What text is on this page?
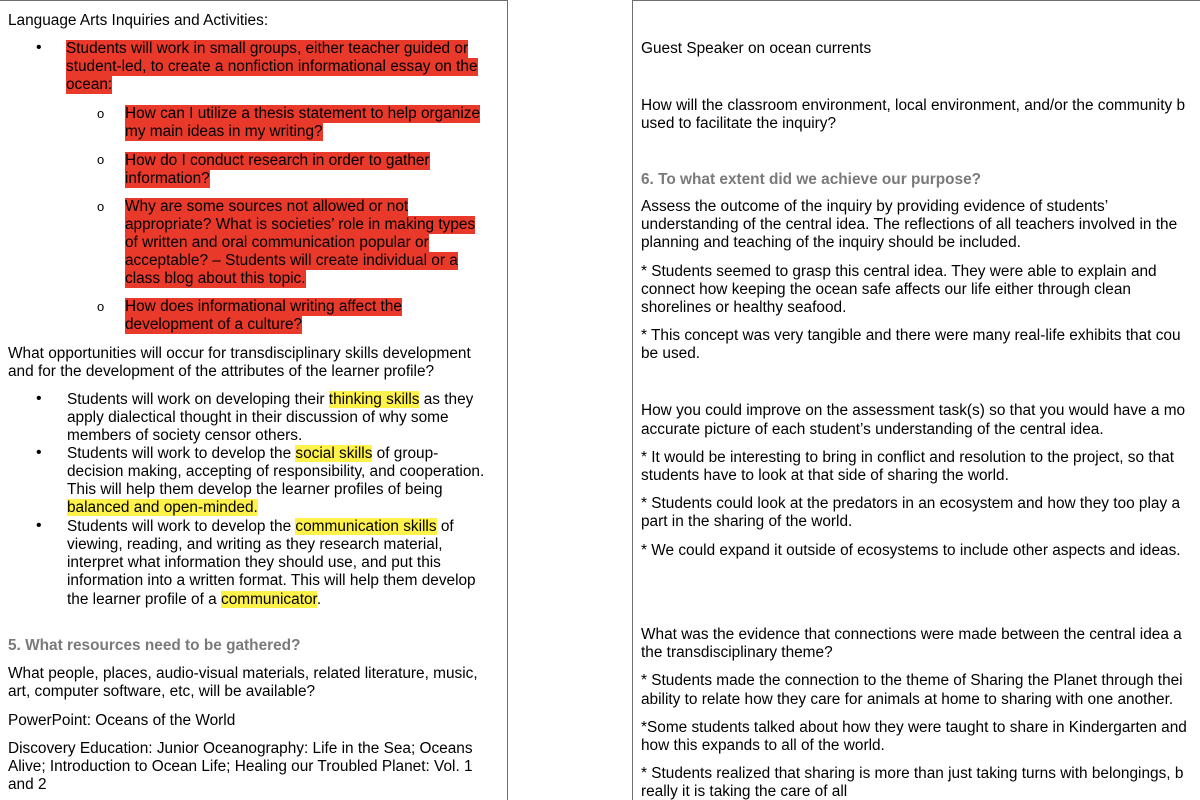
Language Arts Inquiries and Activities:

• Students will work in small groups, either teacher guided or

student-led, to create a nonfiction informational essay on the

ocean:

o How can I utilize a thesis statement to help organize

my main ideas in my writing?

o How do I conduct research in order to gather

information?

o Why are some sources not allowed or not

appropriate? What is societies’ role in making types

of written and oral communication popular or

acceptable? – Students will create individual or a

class blog about this topic.

o How does informational writing affect the

development of a culture?

What opportunities will occur for transdisciplinary skills development

and for the development of the attributes of the learner profile?

• Students will work on developing their thinking skills as they

apply dialectical thought in their discussion of why some

members of society censor others.

• Students will work to develop the social skills of group-

decision making, accepting of responsibility, and cooperation.

This will help them develop the learner profiles of being

balanced and open-minded.

• Students will work to develop the communication skills of

viewing, reading, and writing as they research material,

interpret what information they should use, and put this

information into a written format. This will help them develop

the learner profile of a communicator.

5. What resources need to be gathered?

What people, places, audio-visual materials, related literature, music,

art, computer software, etc, will be available?

PowerPoint: Oceans of the World

Discovery Education: Junior Oceanography: Life in the Sea; Oceans

Alive; Introduction to Ocean Life; Healing our Troubled Planet: Vol. 1

and 2

Guest Speaker on ocean currents

How will the classroom environment, local environment, and/or the community b

used to facilitate the inquiry?

6. To what extent did we achieve our purpose?

Assess the outcome of the inquiry by providing evidence of students’

understanding of the central idea. The reflections of all teachers involved in the

planning and teaching of the inquiry should be included.

* Students seemed to grasp this central idea. They were able to explain and

connect how keeping the ocean safe affects our life either through clean

shorelines or healthy seafood.

* This concept was very tangible and there were many real-life exhibits that cou

be used.

How you could improve on the assessment task(s) so that you would have a mo

accurate picture of each student’s understanding of the central idea.

* It would be interesting to bring in conflict and resolution to the project, so that

students have to look at that side of sharing the world.

* Students could look at the predators in an ecosystem and how they too play a

part in the sharing of the world.

* We could expand it outside of ecosystems to include other aspects and ideas.

What was the evidence that connections were made between the central idea a

the transdisciplinary theme?

* Students made the connection to the theme of Sharing the Planet through thei

ability to relate how they care for animals at home to sharing with one another.

*Some students talked about how they were taught to share in Kindergarten and

how this expands to all of the world.

* Students realized that sharing is more than just taking turns with belongings, b

really it is taking the care of all
